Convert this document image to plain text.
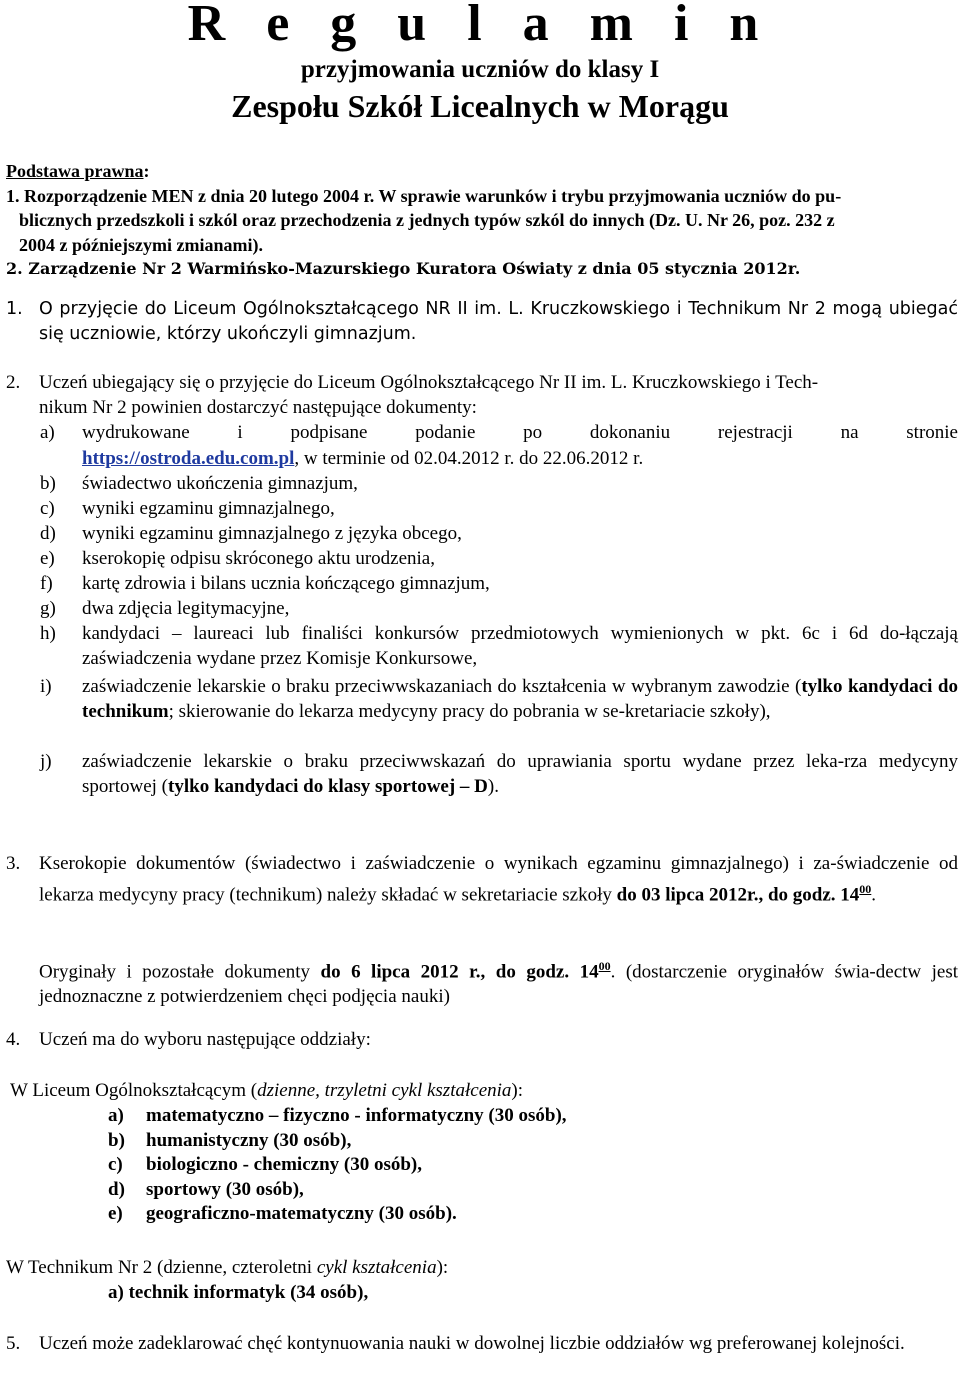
R e g u l a m i n
przyjmowania uczniów do klasy I
Zespołu Szkół Licealnych w Morągu
Podstawa prawna:
1. Rozporządzenie MEN z dnia 20 lutego 2004 r. W sprawie warunków i trybu przyjmowania uczniów do pu-
blicznych przedszkoli i szkól oraz przechodzenia z jednych typów szkól do innych (Dz. U. Nr 26, poz. 232 z
2004 z późniejszymi zmianami).
2. Zarządzenie Nr 2 Warmińsko-Mazurskiego Kuratora Oświaty z dnia 05 stycznia 2012r.
1. O przyjęcie do Liceum Ogólnokształcącego NR II im. L. Kruczkowskiego i Technikum Nr 2 mogą ubiegać się uczniowie, którzy ukończyli gimnazjum.
2. Uczeń ubiegający się o przyjęcie do Liceum Ogólnokształcącego Nr II im. L. Kruczkowskiego i Tech-
nikum Nr 2 powinien dostarczyć następujące dokumenty:
a) wydrukowane i podpisane podanie po dokonaniu rejestracji na stronie
https://ostroda.edu.com.pl, w terminie od 02.04.2012 r. do 22.06.2012 r.
b) świadectwo ukończenia gimnazjum,
c) wyniki egzaminu gimnazjalnego,
d) wyniki egzaminu gimnazjalnego z języka obcego,
e) kserokopię odpisu skróconego aktu urodzenia,
f) kartę zdrowia i bilans ucznia kończącego gimnazjum,
g) dwa zdjęcia legitymacyjne,
h) kandydaci – laureaci lub finaliści konkursów przedmiotowych wymienionych w pkt. 6c i 6d do-łączają zaświadczenia wydane przez Komisje Konkursowe,
i) zaświadczenie lekarskie o braku przeciwwskazaniach do kształcenia w wybranym zawodzie (tylko kandydaci do technikum; skierowanie do lekarza medycyny pracy do pobrania w se-kretariacie szkoły),
j) zaświadczenie lekarskie o braku przeciwwskazań do uprawiania sportu wydane przez leka-rza medycyny sportowej (tylko kandydaci do klasy sportowej – D).
3. Kserokopie dokumentów (świadectwo i zaświadczenie o wynikach egzaminu gimnazjalnego) i za-świadczenie od lekarza medycyny pracy (technikum) należy składać w sekretariacie szkoły do 03 lipca 2012r., do godz. $14^{00}$.
Oryginały i pozostałe dokumenty do 6 lipca 2012 r., do godz. $14^{00}$. (dostarczenie oryginałów świa-dectw jest jednoznaczne z potwierdzeniem chęci podjęcia nauki)
4. Uczeń ma do wyboru następujące oddziały:
W Liceum Ogólnokształcącym (dzienne, trzyletni cykl kształcenia):
a) matematyczno – fizyczno - informatyczny (30 osób),
b) humanistyczny (30 osób),
c) biologiczno - chemiczny (30 osób),
d) sportowy (30 osób),
e) geograficzno-matematyczny (30 osób).
W Technikum Nr 2 (dzienne, czteroletni cykl kształcenia):
a) technik informatyk (34 osób),
5. Uczeń może zadeklarować chęć kontynuowania nauki w dowolnej liczbie oddziałów wg preferowanej kolejności.
